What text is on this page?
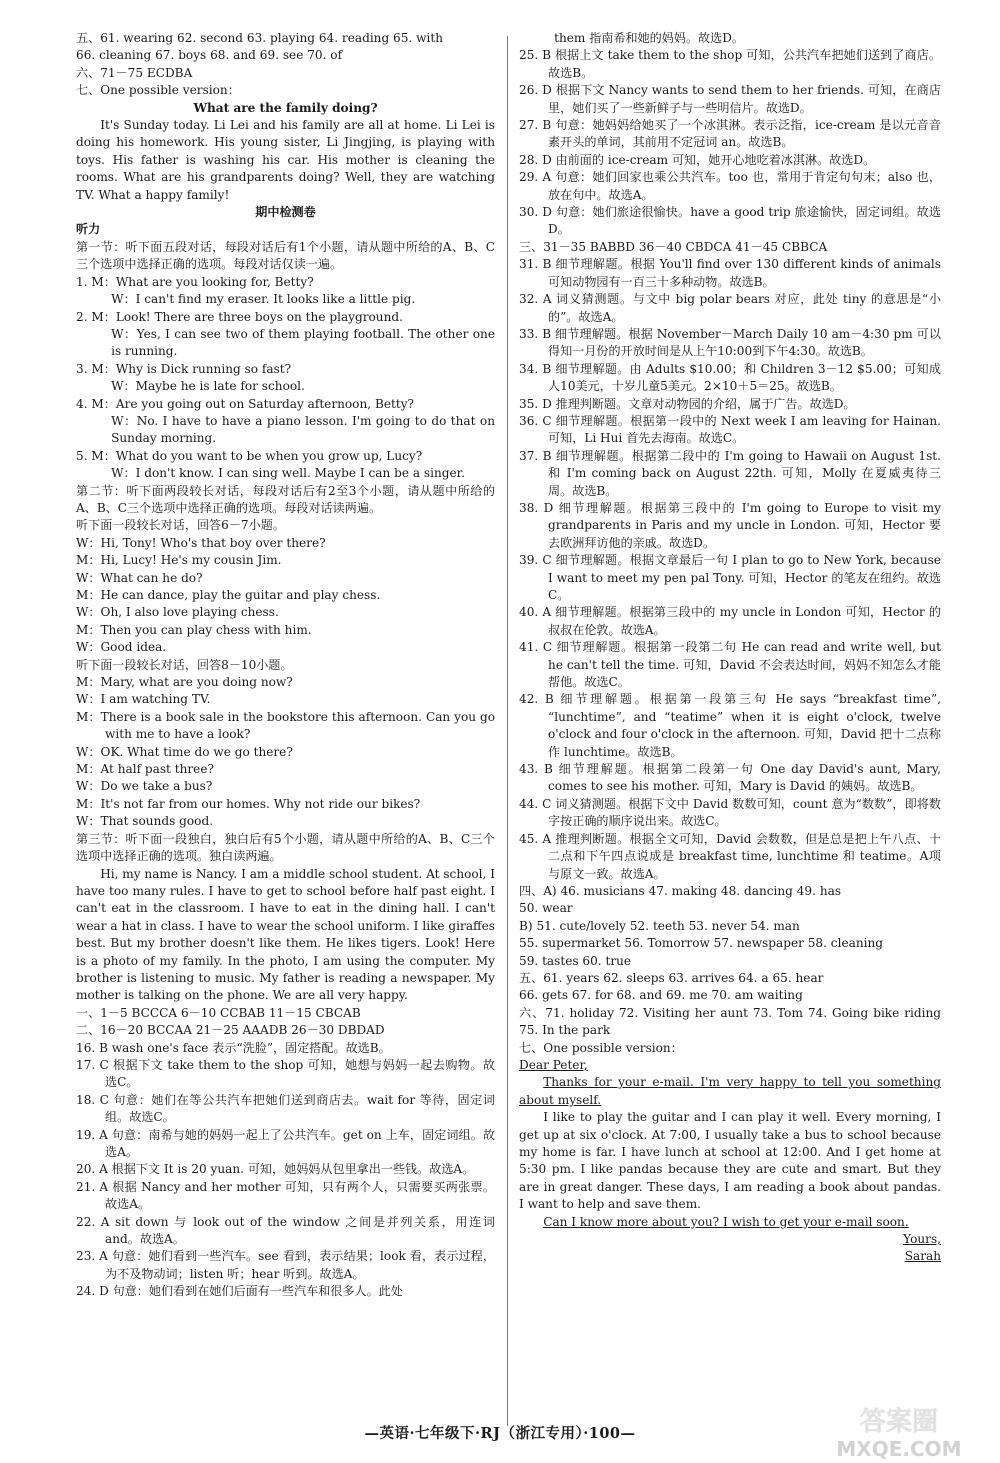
五、61. wearing 62. second 63. playing 64. reading 65. with

66. cleaning 67. boys 68. and 69. see 70. of

六、71－75 ECDBA

七、One possible version：

What are the family doing?

It's Sunday today. Li Lei and his family are all at home. Li Lei is doing his homework. His young sister, Li Jingjing, is playing with toys. His father is washing his car. His mother is cleaning the rooms. What are his grandparents doing? Well, they are watching TV. What a happy family!

期中检测卷

听力

第一节：听下面五段对话，每段对话后有1个小题，请从题中所给的A、B、C三个选项中选择正确的选项。每段对话仅读一遍。

1. M：What are you looking for, Betty?

W：I can't find my eraser. It looks like a little pig.

2. M：Look! There are three boys on the playground.

W：Yes, I can see two of them playing football. The other one is running.

3. M：Why is Dick running so fast?

W：Maybe he is late for school.

4. M：Are you going out on Saturday afternoon, Betty?

W：No. I have to have a piano lesson. I'm going to do that on Sunday morning.

5. M：What do you want to be when you grow up, Lucy?

W：I don't know. I can sing well. Maybe I can be a singer.

第二节：听下面两段较长对话，每段对话后有2至3个小题，请从题中所给的A、B、C三个选项中选择正确的选项。每段对话读两遍。

听下面一段较长对话，回答6－7小题。

W：Hi, Tony! Who's that boy over there?

M：Hi, Lucy! He's my cousin Jim.

W：What can he do?

M：He can dance, play the guitar and play chess.

W：Oh, I also love playing chess.

M：Then you can play chess with him.

W：Good idea.

听下面一段较长对话，回答8－10小题。

M：Mary, what are you doing now?

W：I am watching TV.

M：There is a book sale in the bookstore this afternoon. Can you go with me to have a look?

W：OK. What time do we go there?

M：At half past three?

W：Do we take a bus?

M：It's not far from our homes. Why not ride our bikes?

W：That sounds good.

第三节：听下面一段独白，独白后有5个小题，请从题中所给的A、B、C三个选项中选择正确的选项。独白读两遍。

Hi, my name is Nancy. I am a middle school student. At school, I have too many rules. I have to get to school before half past eight. I can't eat in the classroom. I have to eat in the dining hall. I can't wear a hat in class. I have to wear the school uniform. I like giraffes best. But my brother doesn't like them. He likes tigers. Look! Here is a photo of my family. In the photo, I am using the computer. My brother is listening to music. My father is reading a newspaper. My mother is talking on the phone. We are all very happy.

一、1－5 BCCCA 6－10 CCBAB 11－15 CBCAB

二、16－20 BCCAA 21－25 AAADB 26－30 DBDAD

16. B wash one's face 表示“洗脸”，固定搭配。故选B。

17. C 根据下文 take them to the shop 可知，她想与妈妈一起去购物。故选C。

18. C 句意：她们在等公共汽车把她们送到商店去。wait for 等待，固定词组。故选C。

19. A 句意：南希与她的妈妈一起上了公共汽车。get on 上车，固定词组。故选A。

20. A 根据下文 It is 20 yuan. 可知，她妈妈从包里拿出一些钱。故选A。

21. A 根据 Nancy and her mother 可知，只有两个人，只需要买两张票。故选A。

22. A sit down 与 look out of the window 之间是并列关系，用连词 and。故选A。

23. A 句意：她们看到一些汽车。see 看到，表示结果；look 看，表示过程，为不及物动词；listen 听；hear 听到。故选A。

24. D 句意：她们看到在她们后面有一些汽车和很多人。此处

them 指南希和她的妈妈。故选D。

25. B 根据上文 take them to the shop 可知，公共汽车把她们送到了商店。故选B。

26. D 根据下文 Nancy wants to send them to her friends. 可知，在商店里，她们买了一些新鲜子与一些明信片。故选D。

27. B 句意：她妈妈给她买了一个冰淇淋。表示泛指，ice-cream 是以元音音素开头的单词，其前用不定冠词 an。故选B。

28. D 由前面的 ice-cream 可知，她开心地吃着冰淇淋。故选D。

29. A 句意：她们回家也乘公共汽车。too 也，常用于肯定句句末；also 也，放在句中。故选A。

30. D 句意：她们旅途很愉快。have a good trip 旅途愉快，固定词组。故选D。

三、31－35 BABBD 36－40 CBDCA 41－45 CBBCA

31. B 细节理解题。根据 You'll find over 130 different kinds of animals 可知动物园有一百三十多种动物。故选B。

32. A 词义猜测题。与文中 big polar bears 对应，此处 tiny 的意思是“小的”。故选A。

33. B 细节理解题。根据 November－March Daily 10 am－4:30 pm 可以得知一月份的开放时间是从上午10:00到下午4:30。故选B。

34. B 细节理解题。由 Adults $10.00；和 Children 3－12 $5.00；可知成人10美元，十岁儿童5美元。2×10＋5＝25。故选B。

35. D 推理判断题。文章对动物园的介绍，属于广告。故选D。

36. C 细节理解题。根据第一段中的 Next week I am leaving for Hainan. 可知，Li Hui 首先去海南。故选C。

37. B 细节理解题。根据第二段中的 I'm going to Hawaii on August 1st. 和 I'm coming back on August 22th. 可知，Molly 在夏威夷待三周。故选B。

38. D 细节理解题。根据第三段中的 I'm going to Europe to visit my grandparents in Paris and my uncle in London. 可知，Hector 要去欧洲拜访他的亲戚。故选D。

39. C 细节理解题。根据文章最后一句 I plan to go to New York, because I want to meet my pen pal Tony. 可知，Hector 的笔友在纽约。故选C。

40. A 细节理解题。根据第三段中的 my uncle in London 可知，Hector 的叔叔在伦敦。故选A。

41. C 细节理解题。根据第一段第二句 He can read and write well, but he can't tell the time. 可知，David 不会表达时间，妈妈不知怎么才能帮他。故选C。

42. B 细节理解题。根据第一段第三句 He says “breakfast time”, “lunchtime”, and “teatime” when it is eight o'clock, twelve o'clock and four o'clock in the afternoon. 可知，David 把十二点称作 lunchtime。故选B。

43. B 细节理解题。根据第二段第一句 One day David's aunt, Mary, comes to see his mother. 可知，Mary is David 的姨妈。故选B。

44. C 词义猜测题。根据下文中 David 数数可知，count 意为“数数”，即将数字按正确的顺序说出来。故选C。

45. A 推理判断题。根据全文可知，David 会数数，但是总是把上午八点、十二点和下午四点说成是 breakfast time, lunchtime 和 teatime。A项与原文一致。故选A。

四、A) 46. musicians 47. making 48. dancing 49. has

50. wear

B) 51. cute/lovely 52. teeth 53. never 54. man

55. supermarket 56. Tomorrow 57. newspaper 58. cleaning

59. tastes 60. true

五、61. years 62. sleeps 63. arrives 64. a 65. hear

66. gets 67. for 68. and 69. me 70. am waiting

六、71. holiday 72. Visiting her aunt 73. Tom 74. Going bike riding 75. In the park

七、One possible version：

Dear Peter,

Thanks for your e-mail. I'm very happy to tell you something about myself.

I like to play the guitar and I can play it well. Every morning, I get up at six o'clock. At 7:00, I usually take a bus to school because my home is far. I have lunch at school at 12:00. And I get home at 5:30 pm. I like pandas because they are cute and smart. But they are in great danger. These days, I am reading a book about pandas. I want to help and save them.

Can I know more about you? I wish to get your e-mail soon.

Yours,

Sarah

—英语·七年级下·RJ（浙江专用）·100—	答案圈
MXQE.COM
